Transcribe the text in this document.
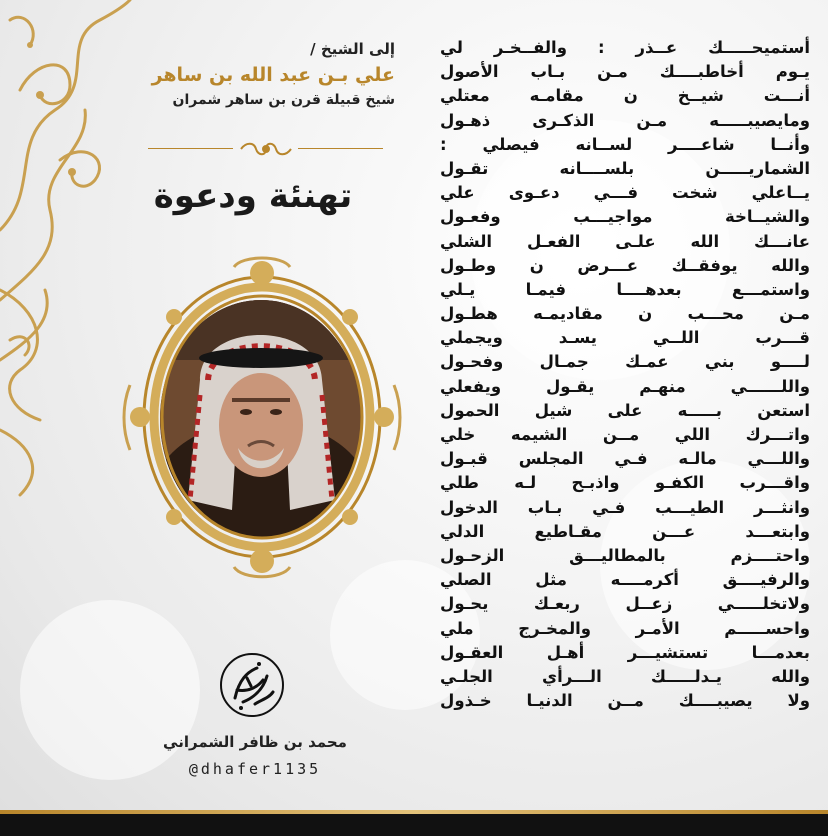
إلى الشيخ /
علي بـن عبد الله بن ساهر
شيخ قبيلة قرن بن ساهر شمران
تهنئة ودعوة
محمد بن ظافر الشمراني
@dhafer1135
أستميحـــــك عــذر : والفــخـر لي
يـوم أخاطبــــك مـن بـاب الأصول
أنـــت شيــخ ن مقامـه معتلي
ومايصيبـــــه مـن الذكـرى ذهـول
وأنــا شاعــــر لســانه فيصلي :
الشماريـــــن بلســــانه تقـول
يــاعلي شخت فـــي دعـوى علي
والشيــاخة مواجيـــب وفعـول
عانـــك الله علـى الفعـل الشلي
والله يوفقــك عـــرض ن وطـول
واستمـــع بعدهــــا فيمـا يـلي
مـن محـــب ن مقاديمـه هطـول
قـــرب اللــي يسـد ويجملي
لــــو بني عمـك جمـال وفحـول
واللــــــي منهـم يقـول ويفعلي
استعن بـــــه على شيل الحمول
واتـــرك اللي مــن الشيمه خلي
واللـــي مالـه فـي المجلس قبـول
واقـــرب الكفـو واذبـح لـه طلي
وانثـــر الطيـــب فـي بـاب الدخول
وابتعـــد عـــن مقـاطيع الدلي
واحتــــزم بالمطاليـــق الزحـول
والرفيــــق أكرمــــه مثل الصلي
ولاتخلـــــي زعــل ربعـك يحـول
واحســـــم الأمـر والمخـرج ملي
بعدمـــا تستشيـــر أهـل العقـول
والله يـدلـــــك الـــرأي الجلـي
ولا يصيبــــك مــن الدنيـا خـذول
